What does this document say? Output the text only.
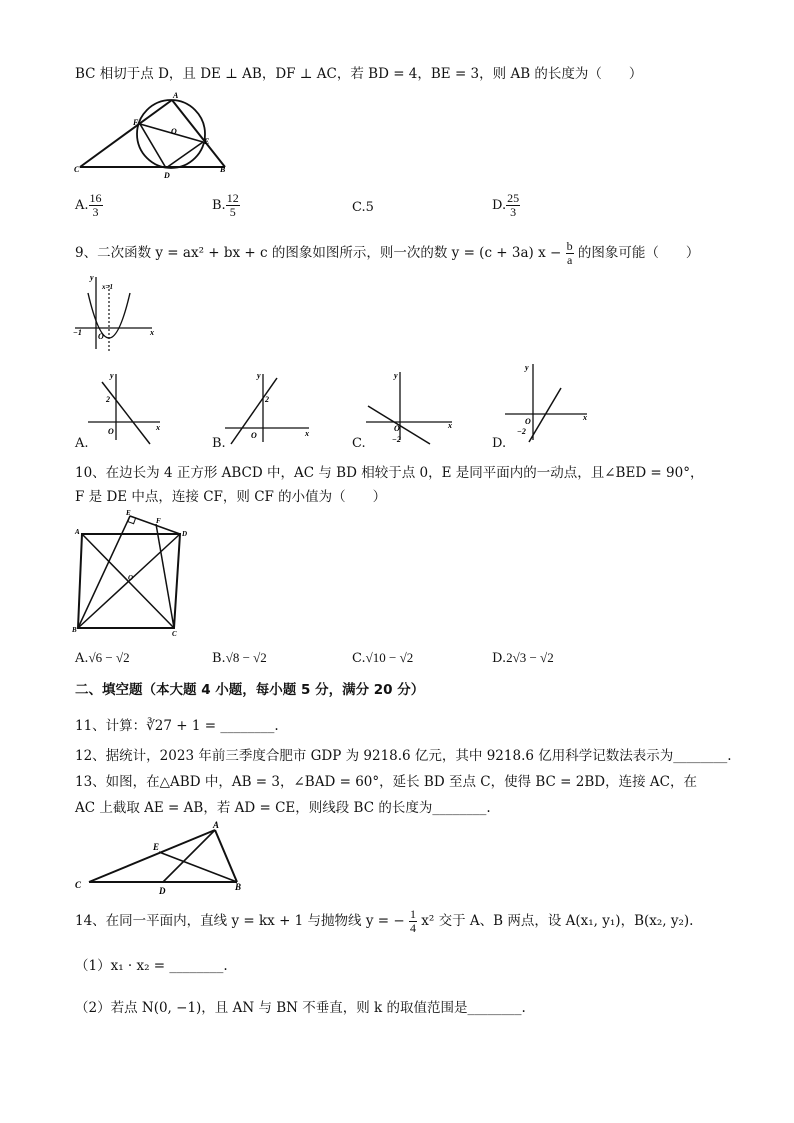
BC 相切于点 D，且 DE ⊥ AB，DF ⊥ AC，若 BD = 4，BE = 3，则 AB 的长度为（　　）
A
O
F
E
C
D
B
A. $\frac{16}{3}$	B. $\frac{12}{5}$	C.5	D. $\frac{25}{3}$
9、二次函数 y = ax² + bx + c 的图象如图所示，则一次的数 y = (c + 3a) $x - \frac{b}{a}$ 的图象可能（　　）
y
x=1
x
O
−1
2
O	x
y
A.
2
O	x
y
B.	−2
O	x
y
C.
−2
O	x
y
D.
10、在边长为 4 正方形 ABCD 中，AC 与 BD 相较于点 0，E 是同平面内的一动点，且∠BED = 90°，
F 是 DE 中点，连接 CF，则 CF 的小值为（　　）
A
E
F
D
O
B	C
A.√6 − √2	B.√8 − √2	C.√10 − √2	D.2√3 − √2
二、填空题（本大题 4 小题，每小题 5 分，满分 20 分）
11、计算：∛27 + 1 = ________.
12、据统计，2023 年前三季度合肥市 GDP 为 9218.6 亿元，其中 9218.6 亿用科学记数法表示为________.
13、如图，在△ABD 中，AB = 3，∠BAD = 60°，延长 BD 至点 C，使得 BC = 2BD，连接 AC，在
AC 上截取 AE = AB，若 AD = CE，则线段 BC 的长度为________.
A
E
C
D	B
14、在同一平面内，直线 y = kx + 1 与抛物线 y = − $\frac{1}{4} x^2$ 交于 A、B 两点，设 A(x₁, y₁)，B(x₂, y₂).
（1）x₁ · x₂ = ________.
（2）若点 N(0, −1)，且 AN 与 BN 不垂直，则 k 的取值范围是________.
